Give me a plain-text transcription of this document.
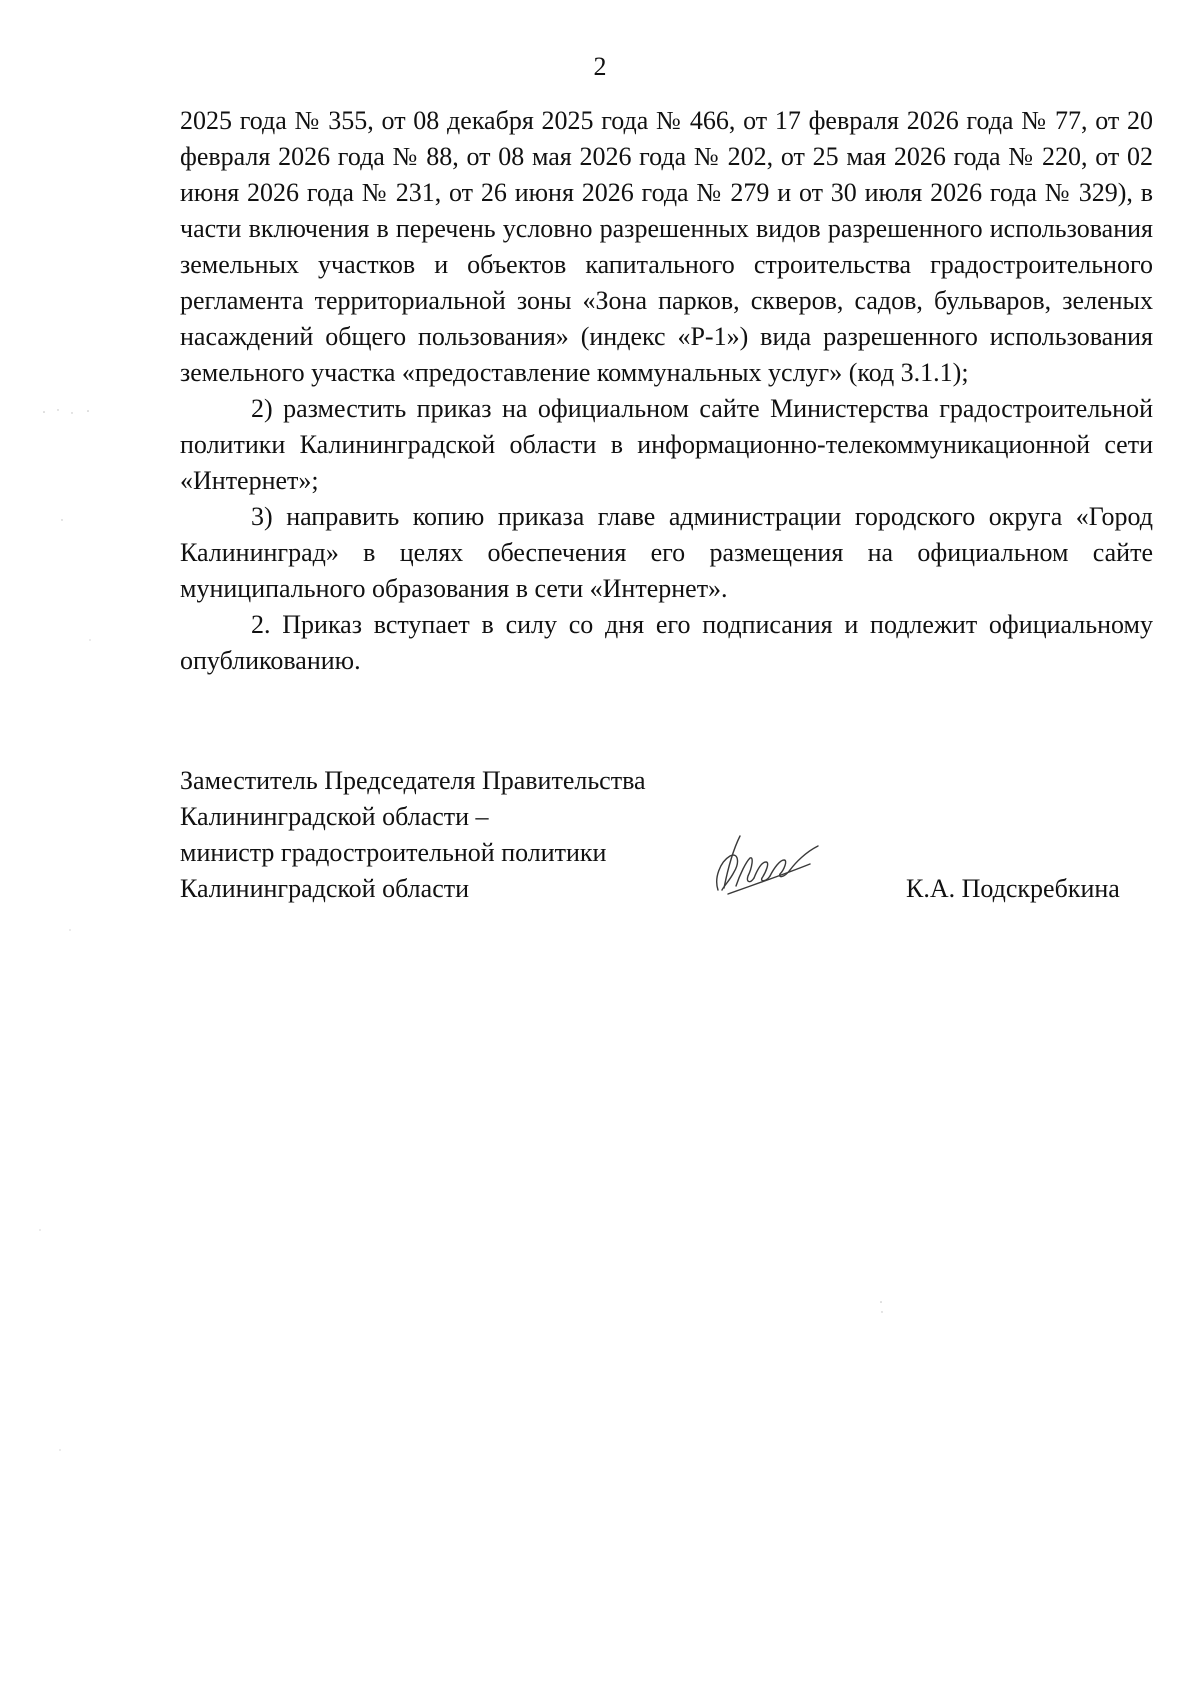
2

2025 года № 355, от 08 декабря 2025 года № 466, от 17 февраля 2026 года № 77, от 20 февраля 2026 года № 88, от 08 мая 2026 года № 202, от 25 мая 2026 года № 220, от 02 июня 2026 года № 231, от 26 июня 2026 года № 279 и от 30 июля 2026 года № 329), в части включения в перечень условно разрешенных видов разрешенного использования земельных участков и объектов капитального строительства градостроительного регламента территориальной зоны «Зона парков, скверов, садов, бульваров, зеленых насаждений общего пользования» (индекс «Р-1») вида разрешенного использования земельного участка «предоставление коммунальных услуг» (код 3.1.1);

2) разместить приказ на официальном сайте Министерства градостроительной политики Калининградской области в информационно-телекоммуникационной сети «Интернет»;

3) направить копию приказа главе администрации городского округа «Город Калининград» в целях обеспечения его размещения на официальном сайте муниципального образования в сети «Интернет».

2. Приказ вступает в силу со дня его подписания и подлежит официальному опубликованию.

Заместитель Председателя Правительства
Калининградской области –
министр градостроительной политики
Калининградской области	К.А. Подскребкина
